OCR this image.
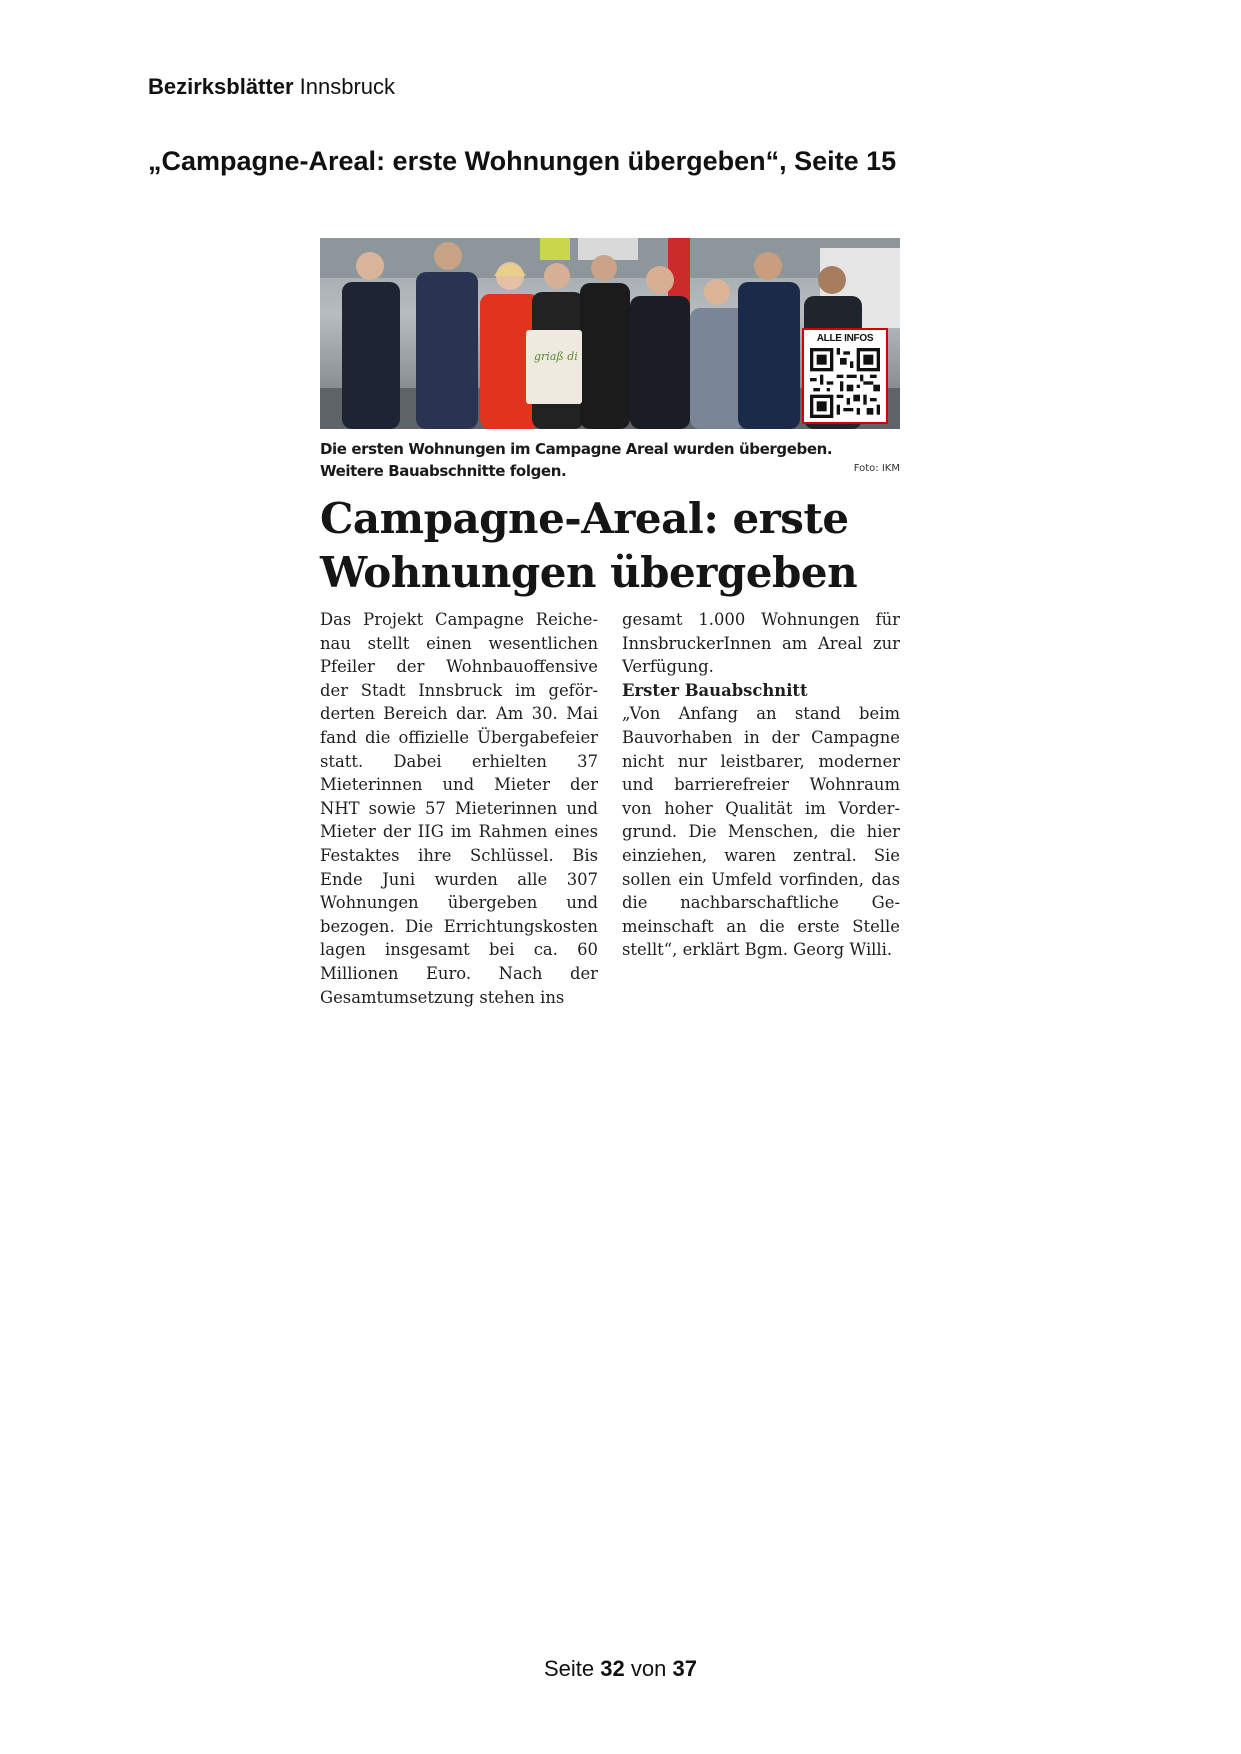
Bezirksblätter Innsbruck
„Campagne-Areal: erste Wohnungen übergeben“, Seite 15
griaß di
ALLE INFOS
Die ersten Wohnungen im Campagne Areal wurden übergeben. Weitere Bauabschnitte folgen.	Foto: IKM
Campagne-Areal: erste Wohnungen übergeben

Das Projekt Campagne Reichenau stellt einen wesentlichen Pfeiler der Wohnbauoffensive der Stadt Innsbruck im geförderten Bereich dar. Am 30. Mai fand die offizielle Übergabefeier statt. Dabei erhielten 37 Mieterinnen und Mieter der NHT sowie 57 Mieterinnen und Mieter der IIG im Rahmen eines Festaktes ihre Schlüssel. Bis Ende Juni wurden alle 307 Wohnungen übergeben und bezogen. Die Errichtungskosten lagen insgesamt bei ca. 60 Millionen Euro. Nach der Gesamtumsetzung stehen ins

gesamt 1.000 Wohnungen für InnsbruckerInnen am Areal zur Verfügung.

Erster Bauabschnitt

„Von Anfang an stand beim Bauvorhaben in der Campagne nicht nur leistbarer, moderner und barrierefreier Wohnraum von hoher Qualität im Vordergrund. Die Menschen, die hier einziehen, waren zentral. Sie sollen ein Umfeld vorfinden, das die nachbarschaftliche Gemeinschaft an die erste Stelle stellt“, erklärt Bgm. Georg Willi.

Seite 32 von 37
